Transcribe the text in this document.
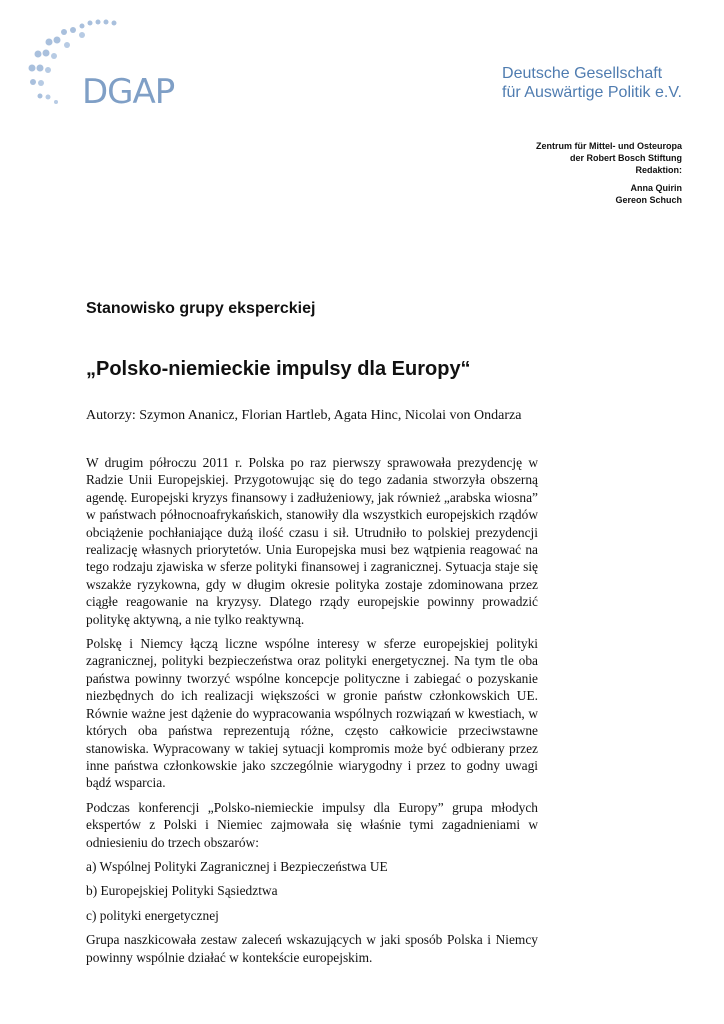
DGAP	Deutsche Gesellschaft
für Auswärtige Politik e.V.
Zentrum für Mittel- und Osteuropa
der Robert Bosch Stiftung
Redaktion:
Anna Quirin
Gereon Schuch
Stanowisko grupy eksperckiej
„Polsko-niemieckie impulsy dla Europy“
Autorzy: Szymon Ananicz, Florian Hartleb, Agata Hinc, Nicolai von Ondarza

W drugim półroczu 2011 r. Polska po raz pierwszy sprawowała prezydencję w Radzie Unii Europejskiej. Przygotowując się do tego zadania stworzyła obszerną agendę. Europejski kryzys finansowy i zadłużeniowy, jak również „arabska wiosna” w państwach północnoafrykańskich, stanowiły dla wszystkich europejskich rządów obciążenie pochłaniające dużą ilość czasu i sił. Utrudniło to polskiej prezydencji realizację własnych priorytetów. Unia Europejska musi bez wątpienia reagować na tego rodzaju zjawiska w sferze polityki finansowej i zagranicznej. Sytuacja staje się wszakże ryzykowna, gdy w długim okresie polityka zostaje zdominowana przez ciągłe reagowanie na kryzysy. Dlatego rządy europejskie powinny prowadzić politykę aktywną, a nie tylko reaktywną.

Polskę i Niemcy łączą liczne wspólne interesy w sferze europejskiej polityki zagranicznej, polityki bezpieczeństwa oraz polityki energetycznej. Na tym tle oba państwa powinny tworzyć wspólne koncepcje polityczne i zabiegać o pozyskanie niezbędnych do ich realizacji większości w gronie państw członkowskich UE. Równie ważne jest dążenie do wypracowania wspólnych rozwiązań w kwestiach, w których oba państwa reprezentują różne, często całkowicie przeciwstawne stanowiska. Wypracowany w takiej sytuacji kompromis może być odbierany przez inne państwa członkowskie jako szczególnie wiarygodny i przez to godny uwagi bądź wsparcia.

Podczas konferencji „Polsko-niemieckie impulsy dla Europy” grupa młodych ekspertów z Polski i Niemiec zajmowała się właśnie tymi zagadnieniami w odniesieniu do trzech obszarów:

a) Wspólnej Polityki Zagranicznej i Bezpieczeństwa UE

b) Europejskiej Polityki Sąsiedztwa

c) polityki energetycznej

Grupa naszkicowała zestaw zaleceń wskazujących w jaki sposób Polska i Niemcy powinny wspólnie działać w kontekście europejskim.
